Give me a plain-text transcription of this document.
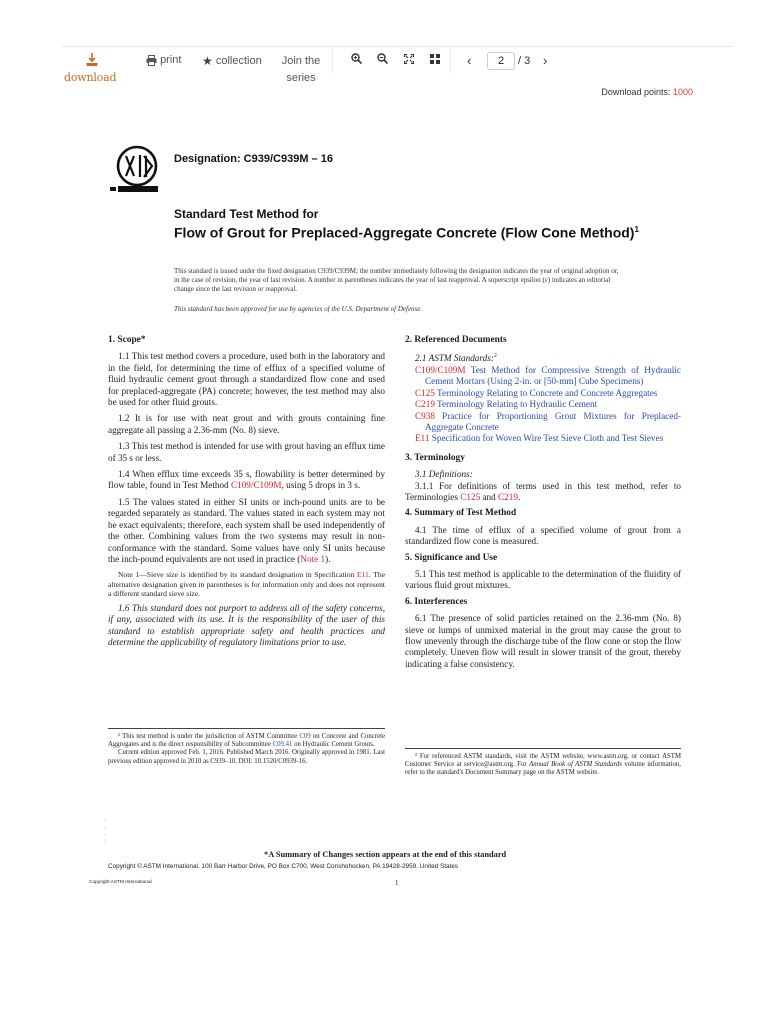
download
print ★ collection Join the
series
‹	2	/ 3 ›
Download points: 1000
Designation: C939/C939M – 16
Standard Test Method for
Flow of Grout for Preplaced-Aggregate Concrete (Flow Cone Method)$^1$
This standard is issued under the fixed designation C939/C939M; the number immediately following the designation indicates the year of original adoption or, in the case of revision, the year of last revision. A number in parentheses indicates the year of last reapproval. A superscript epsilon (ε) indicates an editorial change since the last revision or reapproval.
This standard has been approved for use by agencies of the U.S. Department of Defense.
1. Scope*
1.1 This test method covers a procedure, used both in the laboratory and in the field, for determining the time of efflux of a specified volume of fluid hydraulic cement grout through a standardized flow cone and used for preplaced-aggregate (PA) concrete; however, the test method may also be used for other fluid grouts.
1.2 It is for use with neat grout and with grouts containing fine aggregate all passing a 2.36-mm (No. 8) sieve.
1.3 This test method is intended for use with grout having an efflux time of 35 s or less.
1.4 When efflux time exceeds 35 s, flowability is better determined by flow table, found in Test Method C109/C109M, using 5 drops in 3 s.
1.5 The values stated in either SI units or inch-pound units are to be regarded separately as standard. The values stated in each system may not be exact equivalents; therefore, each system shall be used independently of the other. Combining values from the two systems may result in non-conformance with the standard. Some values have only SI units because the inch-pound equivalents are not used in practice (Note 1).
Note 1—Sieve size is identified by its standard designation in Specification E11. The alternative designation given in parentheses is for information only and does not represent a different standard sieve size.
1.6 This standard does not purport to address all of the safety concerns, if any, associated with its use. It is the responsibility of the user of this standard to establish appropriate safety and health practices and determine the applicability of regulatory limitations prior to use.
2. Referenced Documents
2.1 ASTM Standards:$^2$
C109/C109M Test Method for Compressive Strength of Hydraulic Cement Mortars (Using 2-in. or [50-mm] Cube Specimens)
C125 Terminology Relating to Concrete and Concrete Aggregates
C219 Terminology Relating to Hydraulic Cement
C938 Practice for Proportioning Grout Mixtures for Preplaced-Aggregate Concrete
E11 Specification for Woven Wire Test Sieve Cloth and Test Sieves
3. Terminology
3.1 Definitions:
3.1.1 For definitions of terms used in this test method, refer to Terminologies C125 and C219.
4. Summary of Test Method
4.1 The time of efflux of a specified volume of grout from a standardized flow cone is measured.
5. Significance and Use
5.1 This test method is applicable to the determination of the fluidity of various fluid grout mixtures.
6. Interferences
6.1 The presence of solid particles retained on the 2.36-mm (No. 8) sieve or lumps of unmixed material in the grout may cause the grout to flow unevenly through the discharge tube of the flow cone or stop the flow completely. Uneven flow will result in slower transit of the grout, thereby indicating a false consistency.
¹ This test method is under the jurisdiction of ASTM Committee C09 on Concrete and Concrete Aggregates and is the direct responsibility of Subcommittee C09.41 on Hydraulic Cement Grouts.
Current edition approved Feb. 1, 2016. Published March 2016. Originally approved in 1981. Last previous edition approved in 2010 as C939–10. DOI: 10.1520/C0939-16.
² For referenced ASTM standards, visit the ASTM website, www.astm.org, or contact ASTM Customer Service at service@astm.org. For Annual Book of ASTM Standards volume information, refer to the standard's Document Summary page on the ASTM website.
·
·
·
·
*A Summary of Changes section appears at the end of this standard
Copyright © ASTM International, 100 Barr Harbor Drive, PO Box C700, West Conshohocken, PA 19428-2959. United States
Copyright ASTM International	1
